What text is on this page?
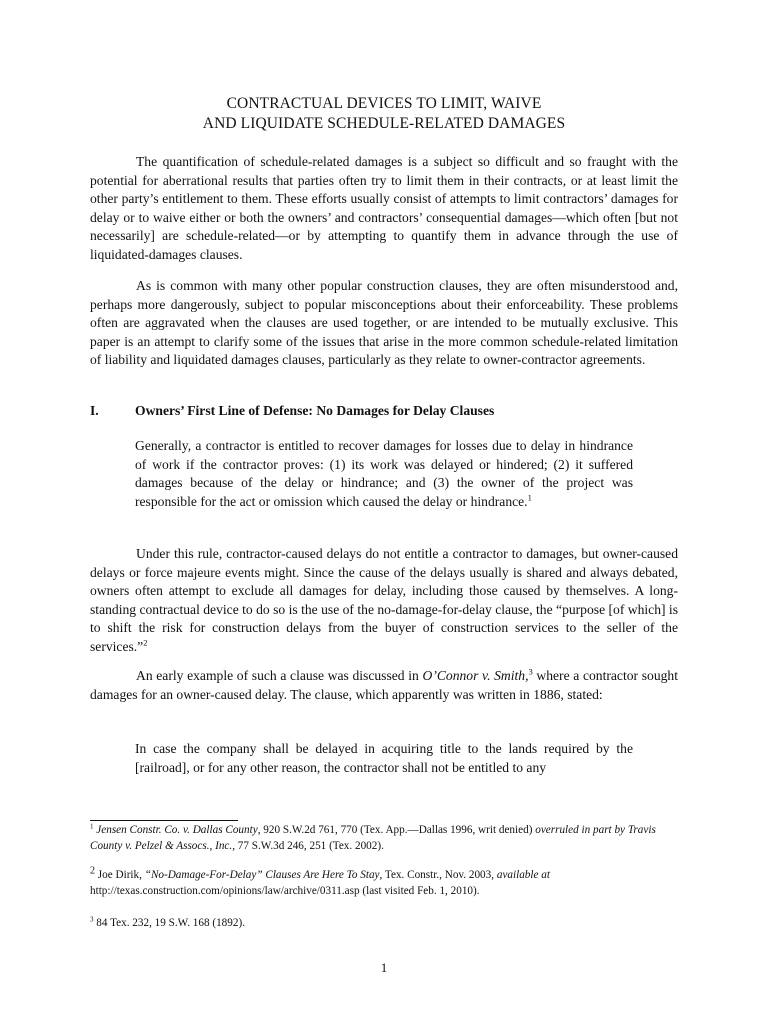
CONTRACTUAL DEVICES TO LIMIT, WAIVE
AND LIQUIDATE SCHEDULE-RELATED DAMAGES

The quantification of schedule-related damages is a subject so difficult and so fraught with the potential for aberrational results that parties often try to limit them in their contracts, or at least limit the other party’s entitlement to them. These efforts usually consist of attempts to limit contractors’ damages for delay or to waive either or both the owners’ and contractors’ consequential damages—which often [but not necessarily] are schedule-related—or by attempting to quantify them in advance through the use of liquidated-damages clauses.

As is common with many other popular construction clauses, they are often misunderstood and, perhaps more dangerously, subject to popular misconceptions about their enforceability. These problems often are aggravated when the clauses are used together, or are intended to be mutually exclusive. This paper is an attempt to clarify some of the issues that arise in the more common schedule-related limitation of liability and liquidated damages clauses, particularly as they relate to owner-contractor agreements.

I.	Owners’ First Line of Defense: No Damages for Delay Clauses

Generally, a contractor is entitled to recover damages for losses due to delay in hindrance of work if the contractor proves: (1) its work was delayed or hindered; (2) it suffered damages because of the delay or hindrance; and (3) the owner of the project was responsible for the act or omission which caused the delay or hindrance.$^1$

Under this rule, contractor-caused delays do not entitle a contractor to damages, but owner-caused delays or force majeure events might. Since the cause of the delays usually is shared and always debated, owners often attempt to exclude all damages for delay, including those caused by themselves. A long-standing contractual device to do so is the use of the no-damage-for-delay clause, the “purpose [of which] is to shift the risk for construction delays from the buyer of construction services to the seller of the services.”$^2$

An early example of such a clause was discussed in O’Connor v. Smith,$^3$ where a contractor sought damages for an owner-caused delay. The clause, which apparently was written in 1886, stated:

In case the company shall be delayed in acquiring title to the lands required by the [railroad], or for any other reason, the contractor shall not be entitled to any

$^1$ Jensen Constr. Co. v. Dallas County, 920 S.W.2d 761, 770 (Tex. App.—Dallas 1996, writ denied) overruled in part by Travis County v. Pelzel & Assocs., Inc., 77 S.W.3d 246, 251 (Tex. 2002).

2 Joe Dirik, “No-Damage-For-Delay” Clauses Are Here To Stay, Tex. Constr., Nov. 2003, available at http://texas.construction.com/opinions/law/archive/0311.asp (last visited Feb. 1, 2010).

$^3$ 84 Tex. 232, 19 S.W. 168 (1892).

1
